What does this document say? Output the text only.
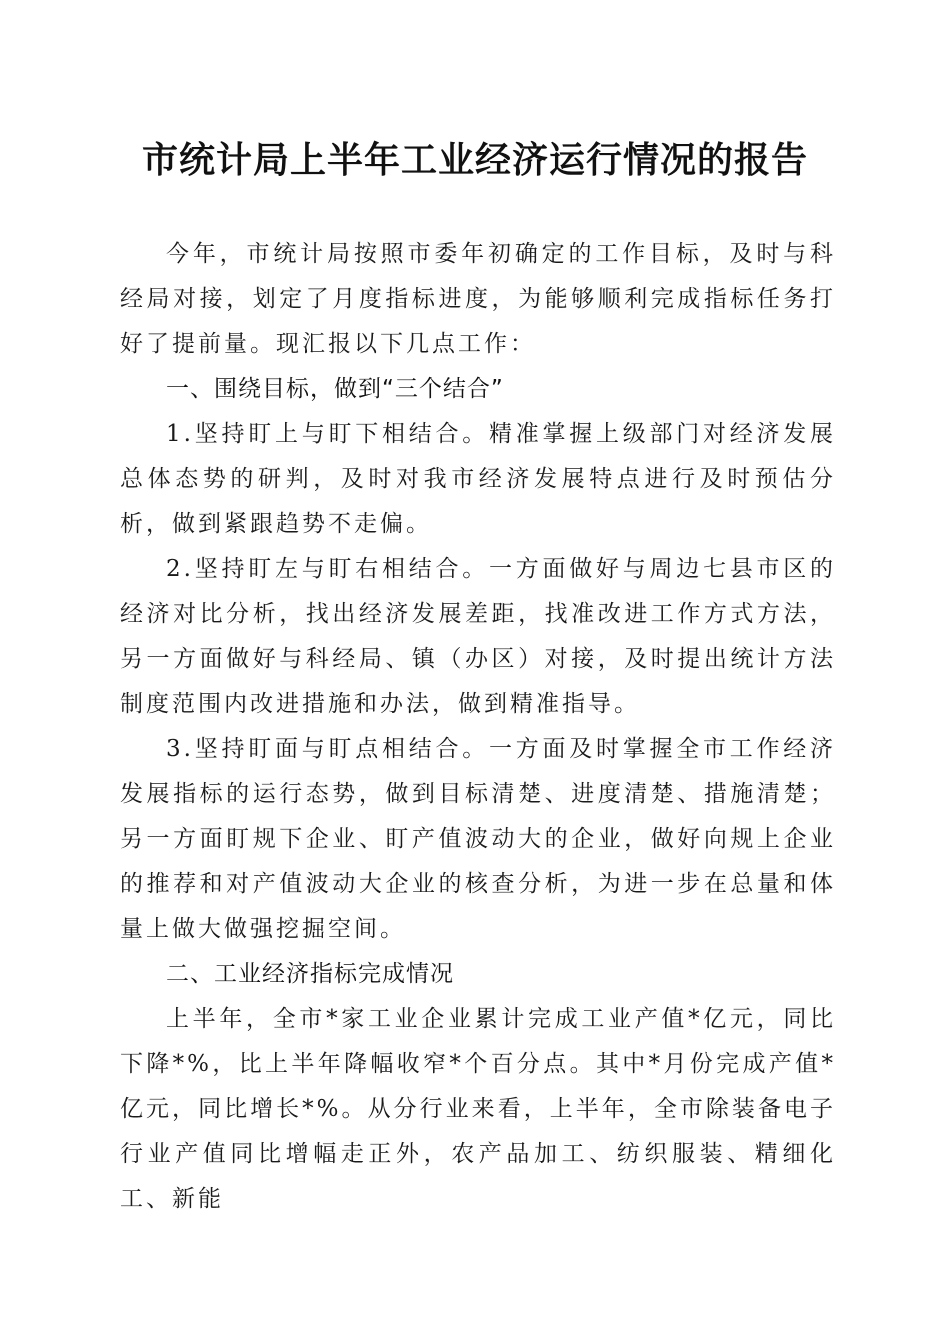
市统计局上半年工业经济运行情况的报告

今年，市统计局按照市委年初确定的工作目标，及时与科经局对接，划定了月度指标进度，为能够顺利完成指标任务打好了提前量。现汇报以下几点工作：

一、围绕目标，做到“三个结合”

1.坚持盯上与盯下相结合。精准掌握上级部门对经济发展总体态势的研判，及时对我市经济发展特点进行及时预估分析，做到紧跟趋势不走偏。

2.坚持盯左与盯右相结合。一方面做好与周边七县市区的经济对比分析，找出经济发展差距，找准改进工作方式方法，另一方面做好与科经局、镇（办区）对接，及时提出统计方法制度范围内改进措施和办法，做到精准指导。

3.坚持盯面与盯点相结合。一方面及时掌握全市工作经济发展指标的运行态势，做到目标清楚、进度清楚、措施清楚；另一方面盯规下企业、盯产值波动大的企业，做好向规上企业的推荐和对产值波动大企业的核查分析，为进一步在总量和体量上做大做强挖掘空间。

二、工业经济指标完成情况

上半年，全市*家工业企业累计完成工业产值*亿元，同比下降*%，比上半年降幅收窄*个百分点。其中*月份完成产值*亿元，同比增长*%。从分行业来看，上半年，全市除装备电子行业产值同比增幅走正外，农产品加工、纺织服装、精细化工、新能
